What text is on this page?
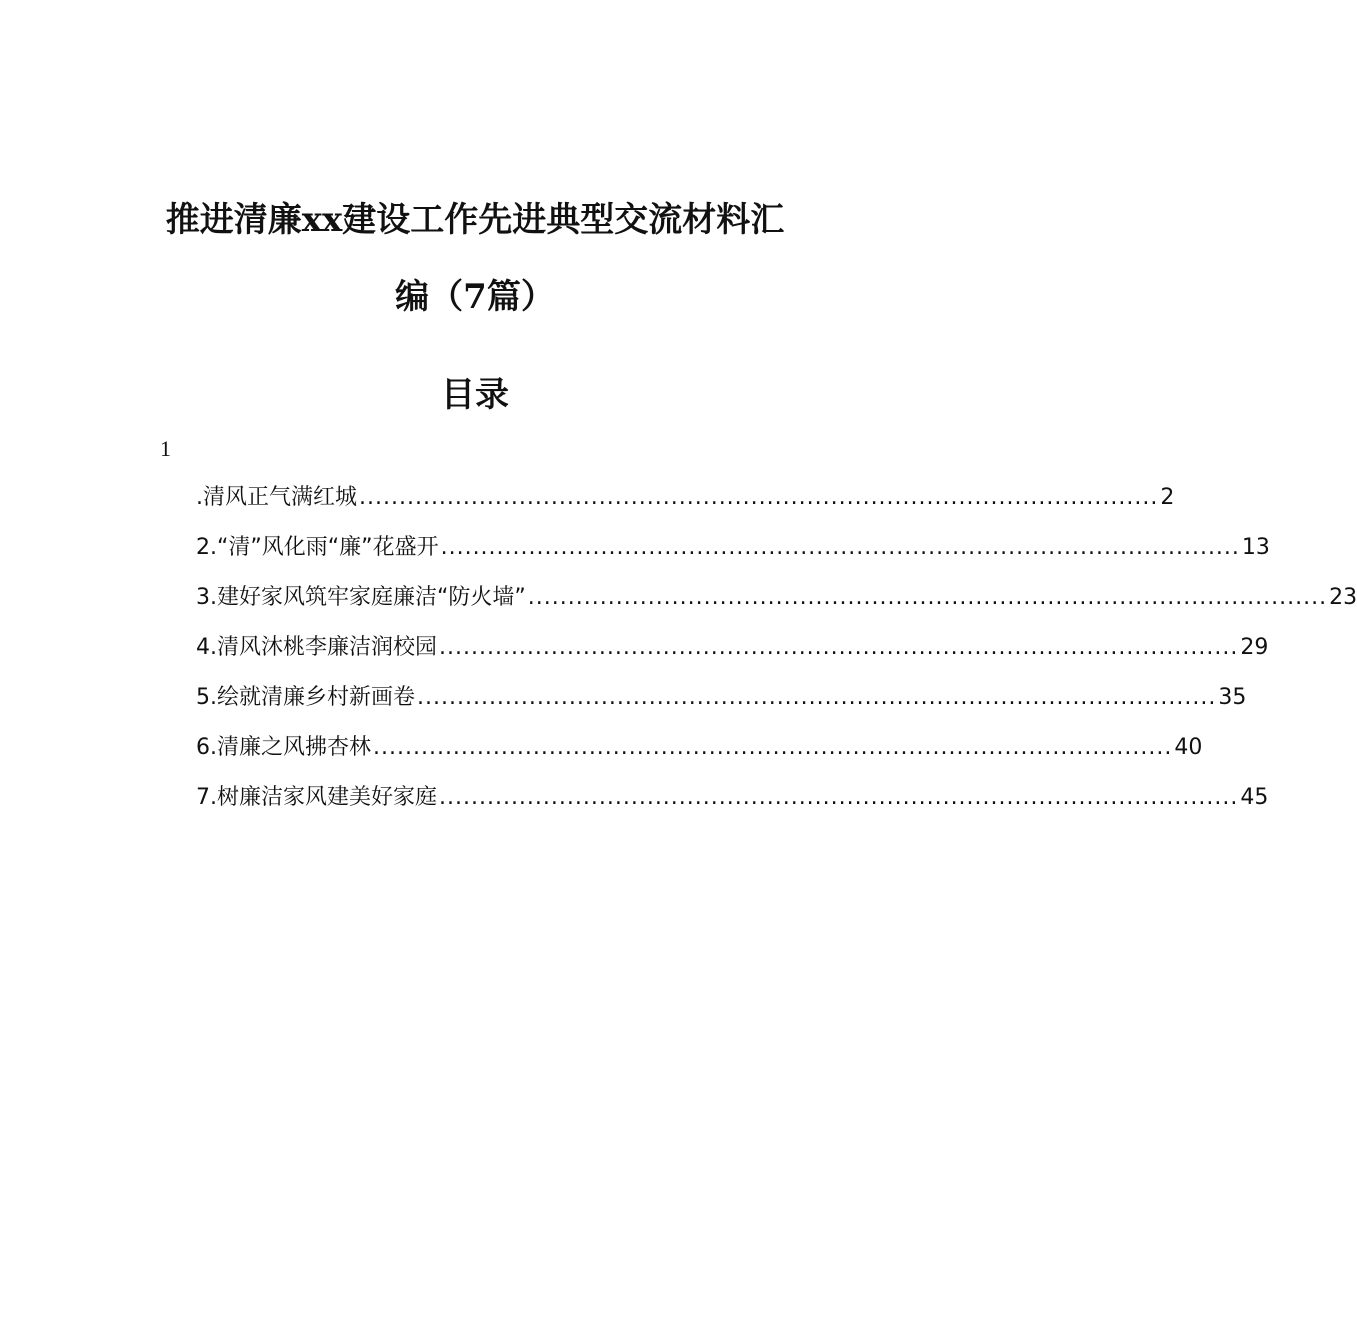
推进清廉xx建设工作先进典型交流材料汇
编（7篇）
目录
1
.清风正气满红城 .................................................................................................... 2
2.“清”风化雨“廉”花盛开 .................................................................................................... 13
3.建好家风筑牢家庭廉洁“防火墙” .................................................................................................... 23
4.清风沐桃李廉洁润校园 .................................................................................................... 29
5.绘就清廉乡村新画卷 .................................................................................................... 35
6.清廉之风拂杏林 .................................................................................................... 40
7.树廉洁家风建美好家庭 .................................................................................................... 45
